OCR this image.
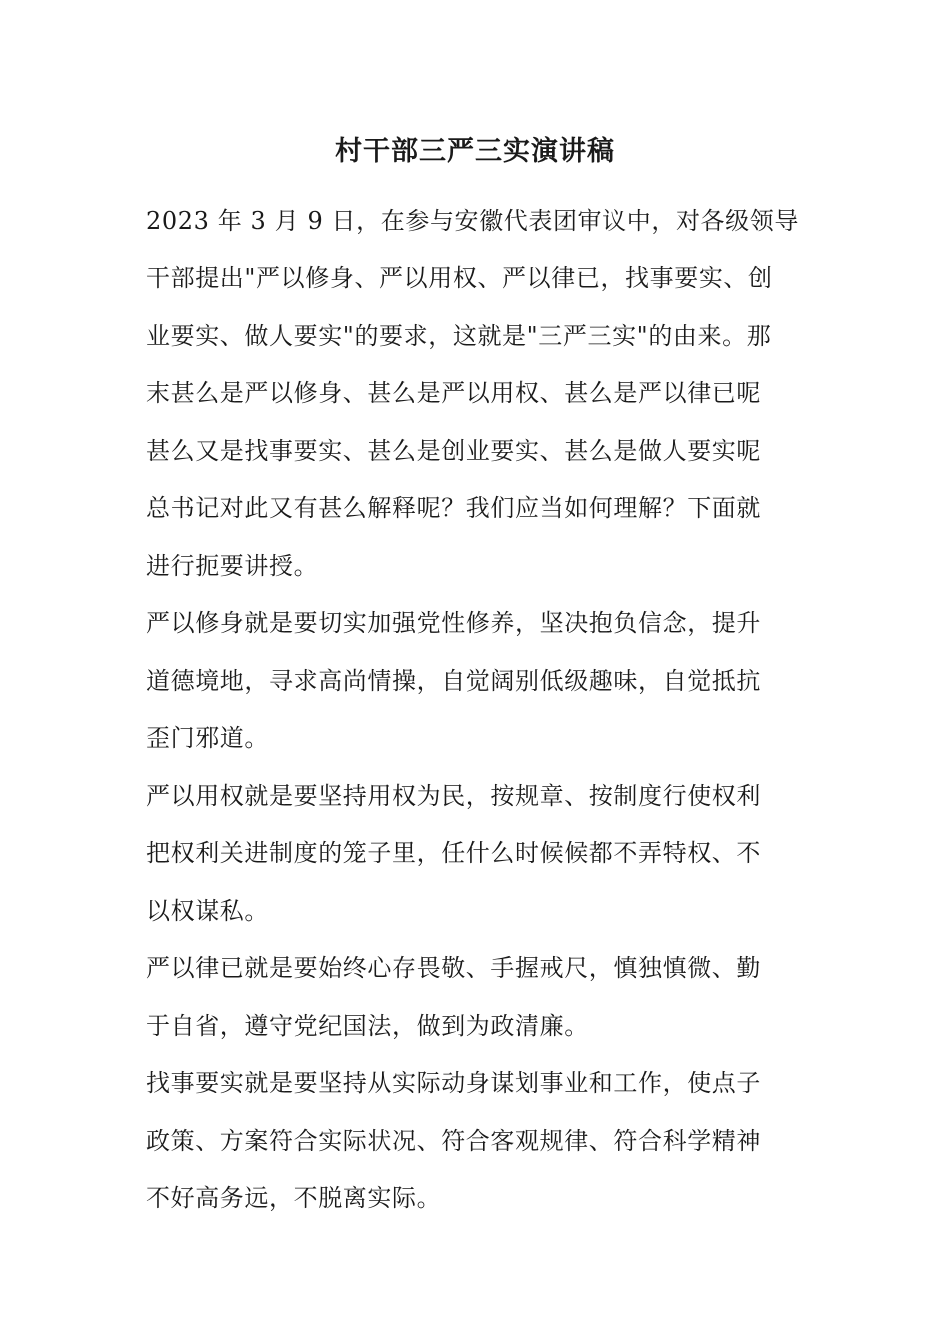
村干部三严三实演讲稿
2023 年 3 月 9 日，在参与安徽代表团审议中，对各级领导
干部提出"严以修身、严以用权、严以律已，找事要实、创
业要实、做人要实"的要求，这就是"三严三实"的由来。那
末甚么是严以修身、甚么是严以用权、甚么是严以律已呢
甚么又是找事要实、甚么是创业要实、甚么是做人要实呢
总书记对此又有甚么解释呢？我们应当如何理解？下面就
进行扼要讲授。
严以修身就是要切实加强党性修养，坚决抱负信念，提升
道德境地，寻求高尚情操，自觉阔别低级趣味，自觉抵抗
歪门邪道。
严以用权就是要坚持用权为民，按规章、按制度行使权利
把权利关进制度的笼子里，任什么时候候都不弄特权、不
以权谋私。
严以律已就是要始终心存畏敬、手握戒尺，慎独慎微、勤
于自省，遵守党纪国法，做到为政清廉。
找事要实就是要坚持从实际动身谋划事业和工作，使点子
政策、方案符合实际状况、符合客观规律、符合科学精神
不好高务远，不脱离实际。
